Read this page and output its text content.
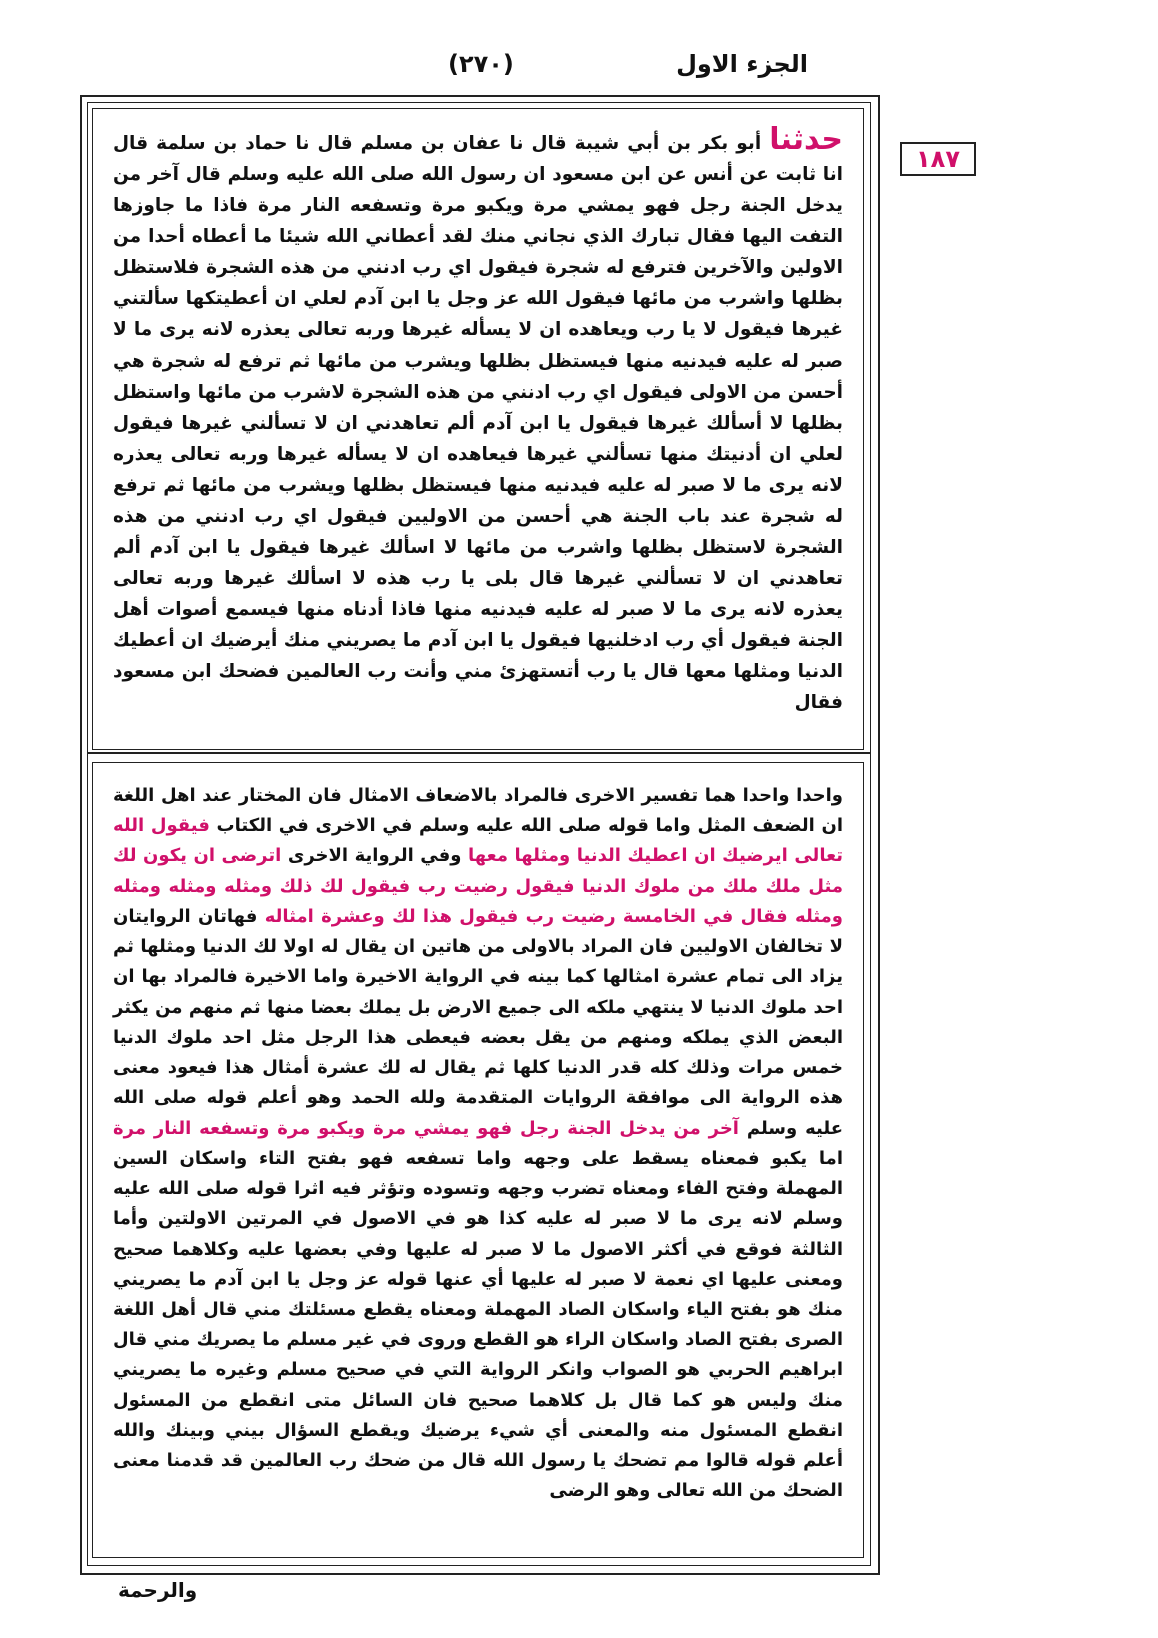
الجزء الاول
(٢٧٠)
١٨٧
حدثنا أبو بكر بن أبي شيبة قال نا عفان بن مسلم قال نا حماد بن سلمة قال انا ثابت عن أنس عن ابن مسعود ان رسول الله صلى الله عليه وسلم قال آخر من يدخل الجنة رجل فهو يمشي مرة ويكبو مرة وتسفعه النار مرة فاذا ما جاوزها التفت اليها فقال تبارك الذي نجاني منك لقد أعطاني الله شيئا ما أعطاه أحدا من الاولين والآخرين فترفع له شجرة فيقول اي رب ادنني من هذه الشجرة فلاستظل بظلها واشرب من مائها فيقول الله عز وجل يا ابن آدم لعلي ان أعطيتكها سألتني غيرها فيقول لا يا رب ويعاهده ان لا يسأله غيرها وربه تعالى يعذره لانه يرى ما لا صبر له عليه فيدنيه منها فيستظل بظلها ويشرب من مائها ثم ترفع له شجرة هي أحسن من الاولى فيقول اي رب ادنني من هذه الشجرة لاشرب من مائها واستظل بظلها لا أسألك غيرها فيقول يا ابن آدم ألم تعاهدني ان لا تسألني غيرها فيقول لعلي ان أدنيتك منها تسألني غيرها فيعاهده ان لا يسأله غيرها وربه تعالى يعذره لانه يرى ما لا صبر له عليه فيدنيه منها فيستظل بظلها ويشرب من مائها ثم ترفع له شجرة عند باب الجنة هي أحسن من الاوليين فيقول اي رب ادنني من هذه الشجرة لاستظل بظلها واشرب من مائها لا اسألك غيرها فيقول يا ابن آدم ألم تعاهدني ان لا تسألني غيرها قال بلى يا رب هذه لا اسألك غيرها وربه تعالى يعذره لانه يرى ما لا صبر له عليه فيدنيه منها فاذا أدناه منها فيسمع أصوات أهل الجنة فيقول أي رب ادخلنيها فيقول يا ابن آدم ما يصريني منك أيرضيك ان أعطيك الدنيا ومثلها معها قال يا رب أتستهزئ مني وأنت رب العالمين فضحك ابن مسعود فقال
واحدا واحدا هما تفسير الاخرى فالمراد بالاضعاف الامثال فان المختار عند اهل اللغة ان الضعف المثل واما قوله صلى الله عليه وسلم في الاخرى في الكتاب فيقول الله تعالى ايرضيك ان اعطيك الدنيا ومثلها معها وفي الرواية الاخرى اترضى ان يكون لك مثل ملك ملك من ملوك الدنيا فيقول رضيت رب فيقول لك ذلك ومثله ومثله ومثله ومثله فقال في الخامسة رضيت رب فيقول هذا لك وعشرة امثاله فهاتان الروايتان لا تخالفان الاوليين فان المراد بالاولى من هاتين ان يقال له اولا لك الدنيا ومثلها ثم يزاد الى تمام عشرة امثالها كما بينه في الرواية الاخيرة واما الاخيرة فالمراد بها ان احد ملوك الدنيا لا ينتهي ملكه الى جميع الارض بل يملك بعضا منها ثم منهم من يكثر البعض الذي يملكه ومنهم من يقل بعضه فيعطى هذا الرجل مثل احد ملوك الدنيا خمس مرات وذلك كله قدر الدنيا كلها ثم يقال له لك عشرة أمثال هذا فيعود معنى هذه الرواية الى موافقة الروايات المتقدمة ولله الحمد وهو أعلم قوله صلى الله عليه وسلم آخر من يدخل الجنة رجل فهو يمشي مرة ويكبو مرة وتسفعه النار مرة اما يكبو فمعناه يسقط على وجهه واما تسفعه فهو بفتح التاء واسكان السين المهملة وفتح الفاء ومعناه تضرب وجهه وتسوده وتؤثر فيه اثرا قوله صلى الله عليه وسلم لانه يرى ما لا صبر له عليه كذا هو في الاصول في المرتين الاولتين وأما الثالثة فوقع في أكثر الاصول ما لا صبر له عليها وفي بعضها عليه وكلاهما صحيح ومعنى عليها اي نعمة لا صبر له عليها أي عنها قوله عز وجل يا ابن آدم ما يصريني منك هو بفتح الياء واسكان الصاد المهملة ومعناه يقطع مسئلتك مني قال أهل اللغة الصرى بفتح الصاد واسكان الراء هو القطع وروى في غير مسلم ما يصريك مني قال ابراهيم الحربي هو الصواب وانكر الرواية التي في صحيح مسلم وغيره ما يصريني منك وليس هو كما قال بل كلاهما صحيح فان السائل متى انقطع من المسئول انقطع المسئول منه والمعنى أي شيء يرضيك ويقطع السؤال بيني وبينك والله أعلم قوله قالوا مم تضحك يا رسول الله قال من ضحك رب العالمين قد قدمنا معنى الضحك من الله تعالى وهو الرضى
والرحمة
